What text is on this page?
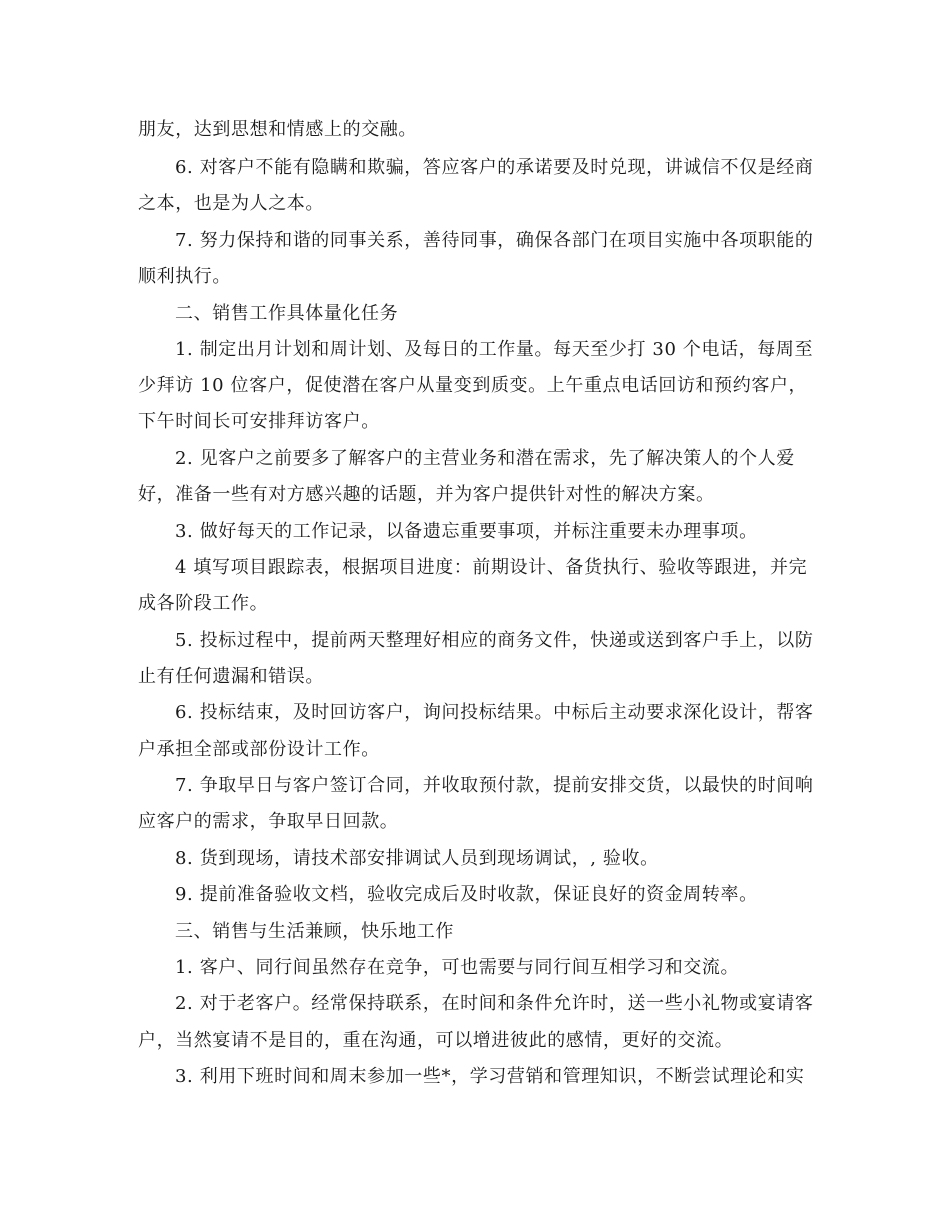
朋友，达到思想和情感上的交融。
6. 对客户不能有隐瞒和欺骗，答应客户的承诺要及时兑现，讲诚信不仅是经商
之本，也是为人之本。
7. 努力保持和谐的同事关系，善待同事，确保各部门在项目实施中各项职能的
顺利执行。
二、销售工作具体量化任务
1. 制定出月计划和周计划、及每日的工作量。每天至少打 30 个电话，每周至
少拜访 10 位客户，促使潜在客户从量变到质变。上午重点电话回访和预约客户，
下午时间长可安排拜访客户。
2. 见客户之前要多了解客户的主营业务和潜在需求，先了解决策人的个人爱
好，准备一些有对方感兴趣的话题，并为客户提供针对性的解决方案。
3. 做好每天的工作记录，以备遗忘重要事项，并标注重要未办理事项。
4 填写项目跟踪表，根据项目进度：前期设计、备货执行、验收等跟进，并完
成各阶段工作。
5. 投标过程中，提前两天整理好相应的商务文件，快递或送到客户手上，以防
止有任何遗漏和错误。
6. 投标结束，及时回访客户，询问投标结果。中标后主动要求深化设计，帮客
户承担全部或部份设计工作。
7. 争取早日与客户签订合同，并收取预付款，提前安排交货，以最快的时间响
应客户的需求，争取早日回款。
8. 货到现场，请技术部安排调试人员到现场调试，, 验收。
9. 提前准备验收文档，验收完成后及时收款，保证良好的资金周转率。
三、销售与生活兼顾，快乐地工作
1. 客户、同行间虽然存在竞争，可也需要与同行间互相学习和交流。
2. 对于老客户。经常保持联系，在时间和条件允许时，送一些小礼物或宴请客
户，当然宴请不是目的，重在沟通，可以增进彼此的感情，更好的交流。
3. 利用下班时间和周末参加一些*，学习营销和管理知识，不断尝试理论和实
